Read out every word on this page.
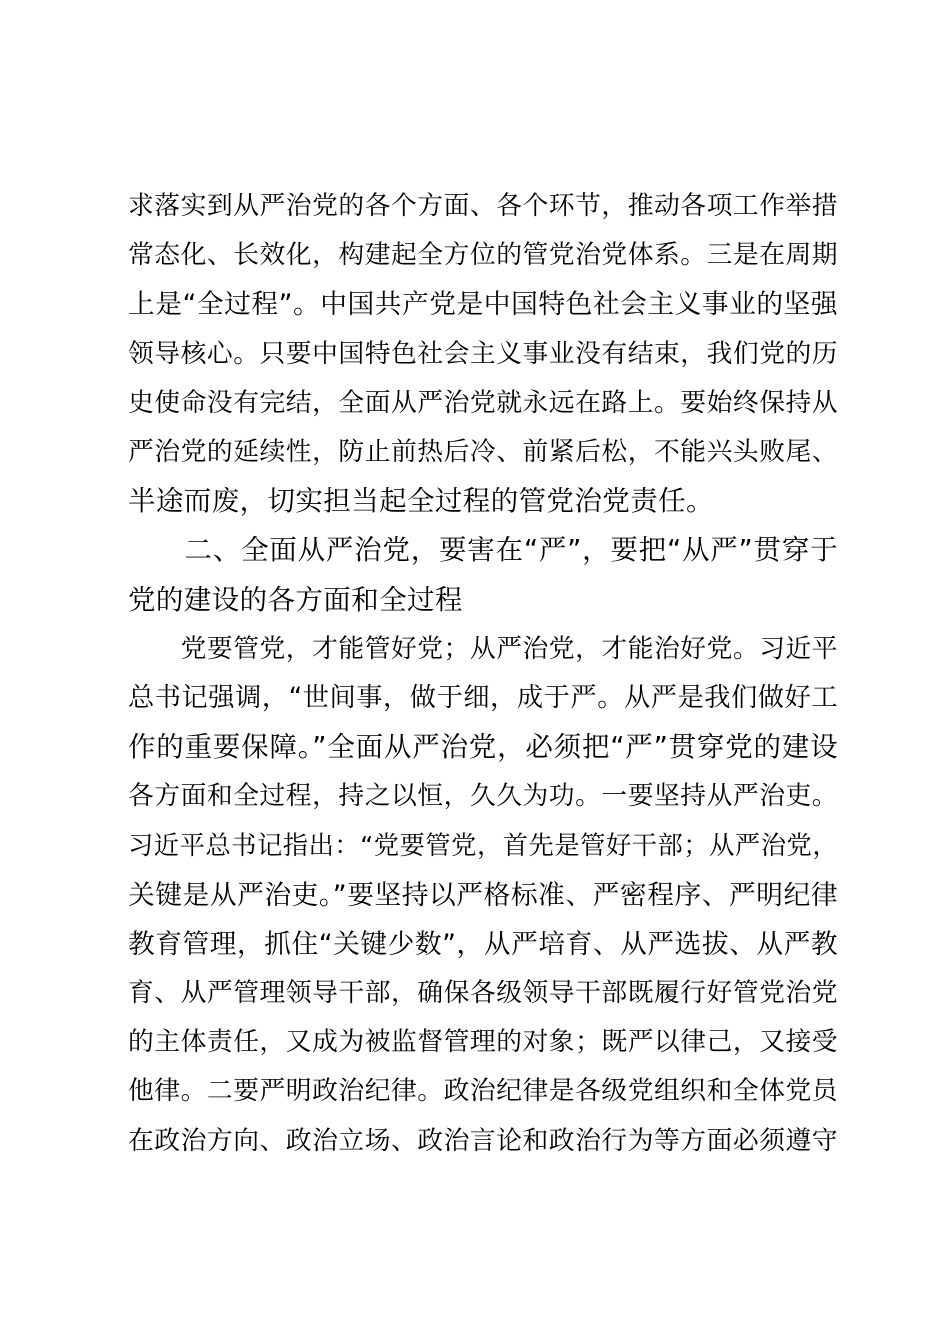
求落实到从严治党的各个方面、各个环节，推动各项工作举措
常态化、长效化，构建起全方位的管党治党体系。三是在周期
上是“全过程”。中国共产党是中国特色社会主义事业的坚强
领导核心。只要中国特色社会主义事业没有结束，我们党的历
史使命没有完结，全面从严治党就永远在路上。要始终保持从
严治党的延续性，防止前热后冷、前紧后松，不能兴头败尾、
半途而废，切实担当起全过程的管党治党责任。
　　二、全面从严治党，要害在“严”，要把“从严”贯穿于
党的建设的各方面和全过程
　　党要管党，才能管好党；从严治党，才能治好党。习近平
总书记强调，“世间事，做于细，成于严。从严是我们做好工
作的重要保障。”全面从严治党，必须把“严”贯穿党的建设
各方面和全过程，持之以恒，久久为功。一要坚持从严治吏。
习近平总书记指出：“党要管党，首先是管好干部；从严治党，
关键是从严治吏。”要坚持以严格标准、严密程序、严明纪律
教育管理，抓住“关键少数”，从严培育、从严选拔、从严教
育、从严管理领导干部，确保各级领导干部既履行好管党治党
的主体责任，又成为被监督管理的对象；既严以律己，又接受
他律。二要严明政治纪律。政治纪律是各级党组织和全体党员
在政治方向、政治立场、政治言论和政治行为等方面必须遵守
